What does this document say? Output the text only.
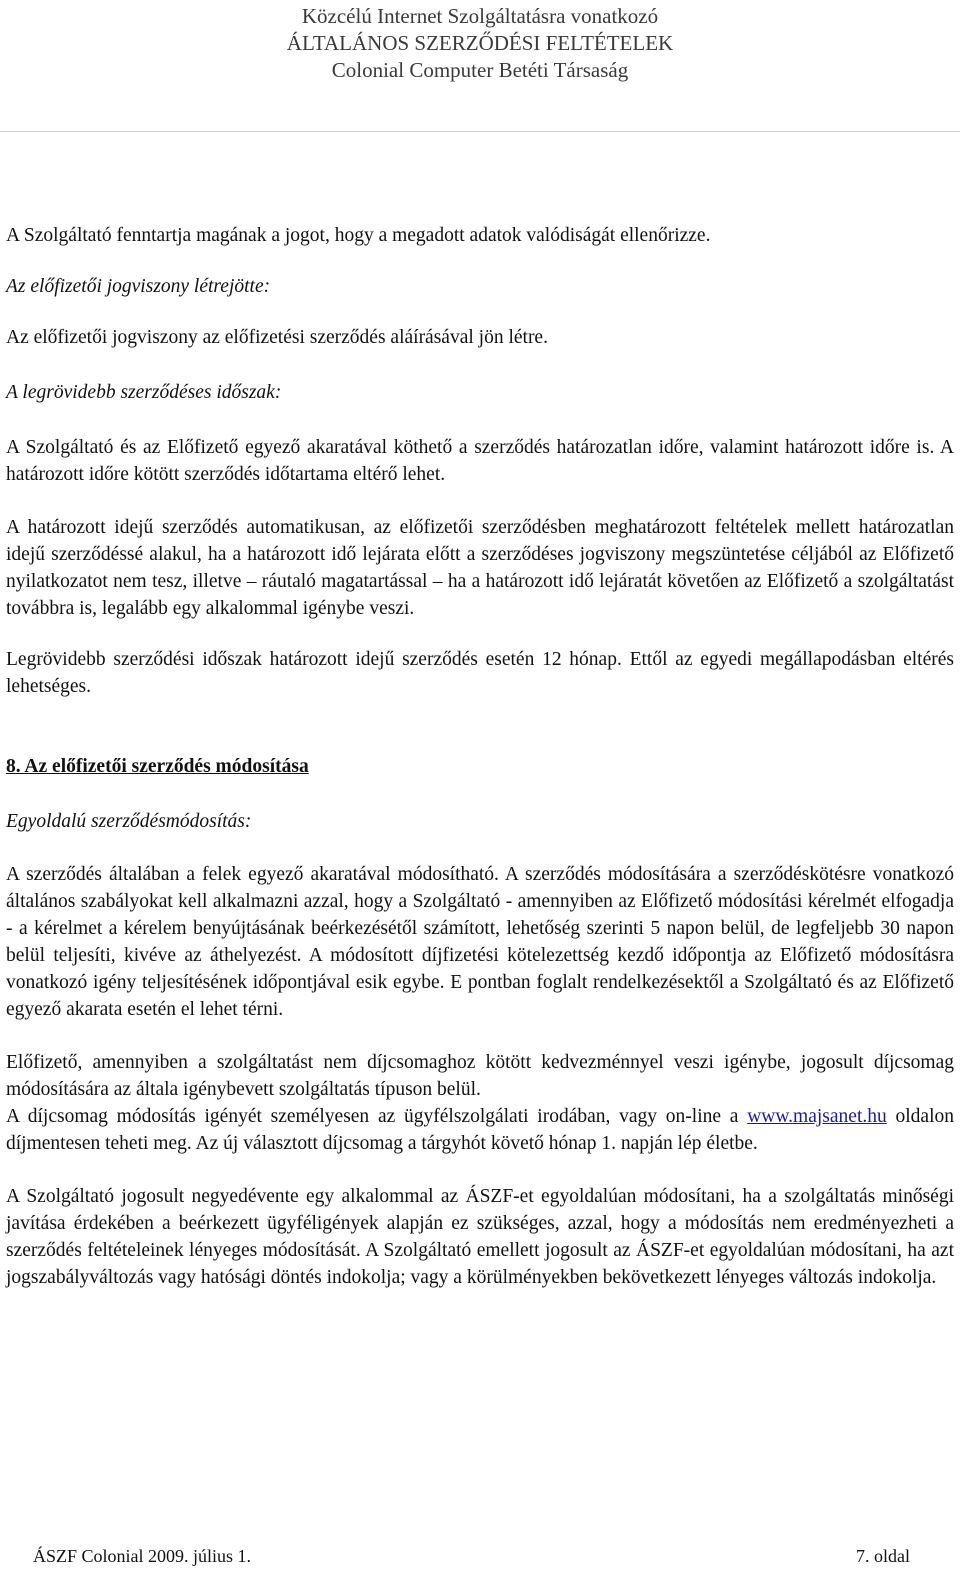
Közcélú Internet Szolgáltatásra vonatkozó
ÁLTALÁNOS SZERZŐDÉSI FELTÉTELEK
Colonial Computer Betéti Társaság

A Szolgáltató fenntartja magának a jogot, hogy a megadott adatok valódiságát ellenőrizze.

Az előfizetői jogviszony létrejötte:

Az előfizetői jogviszony az előfizetési szerződés aláírásával jön létre.

A legrövidebb szerződéses időszak:

A Szolgáltató és az Előfizető egyező akaratával köthető a szerződés határozatlan időre, valamint határozott időre is. A határozott időre kötött szerződés időtartama eltérő lehet.

A határozott idejű szerződés automatikusan, az előfizetői szerződésben meghatározott feltételek mellett határozatlan idejű szerződéssé alakul, ha a határozott idő lejárata előtt a szerződéses jogviszony megszüntetése céljából az Előfizető nyilatkozatot nem tesz, illetve – ráutaló magatartással – ha a határozott idő lejáratát követően az Előfizető a szolgáltatást továbbra is, legalább egy alkalommal igénybe veszi.

Legrövidebb szerződési időszak határozott idejű szerződés esetén 12 hónap. Ettől az egyedi megállapodásban eltérés lehetséges.

8. Az előfizetői szerződés módosítása

Egyoldalú szerződésmódosítás:

A szerződés általában a felek egyező akaratával módosítható. A szerződés módosítására a szerződéskötésre vonatkozó általános szabályokat kell alkalmazni azzal, hogy a Szolgáltató - amennyiben az Előfizető módosítási kérelmét elfogadja - a kérelmet a kérelem benyújtásának beérkezésétől számított, lehetőség szerinti 5 napon belül, de legfeljebb 30 napon belül teljesíti, kivéve az áthelyezést. A módosított díjfizetési kötelezettség kezdő időpontja az Előfizető módosításra vonatkozó igény teljesítésének időpontjával esik egybe. E pontban foglalt rendelkezésektől a Szolgáltató és az Előfizető egyező akarata esetén el lehet térni.

Előfizető, amennyiben a szolgáltatást nem díjcsomaghoz kötött kedvezménnyel veszi igénybe, jogosult díjcsomag módosítására az általa igénybevett szolgáltatás típuson belül.

A díjcsomag módosítás igényét személyesen az ügyfélszolgálati irodában, vagy on-line a www.majsanet.hu oldalon díjmentesen teheti meg. Az új választott díjcsomag a tárgyhót követő hónap 1. napján lép életbe.

A Szolgáltató jogosult negyedévente egy alkalommal az ÁSZF-et egyoldalúan módosítani, ha a szolgáltatás minőségi javítása érdekében a beérkezett ügyféligények alapján ez szükséges, azzal, hogy a módosítás nem eredményezheti a szerződés feltételeinek lényeges módosítását. A Szolgáltató emellett jogosult az ÁSZF-et egyoldalúan módosítani, ha azt jogszabályváltozás vagy hatósági döntés indokolja; vagy a körülményekben bekövetkezett lényeges változás indokolja.

ÁSZF Colonial 2009. július 1.	7. oldal
